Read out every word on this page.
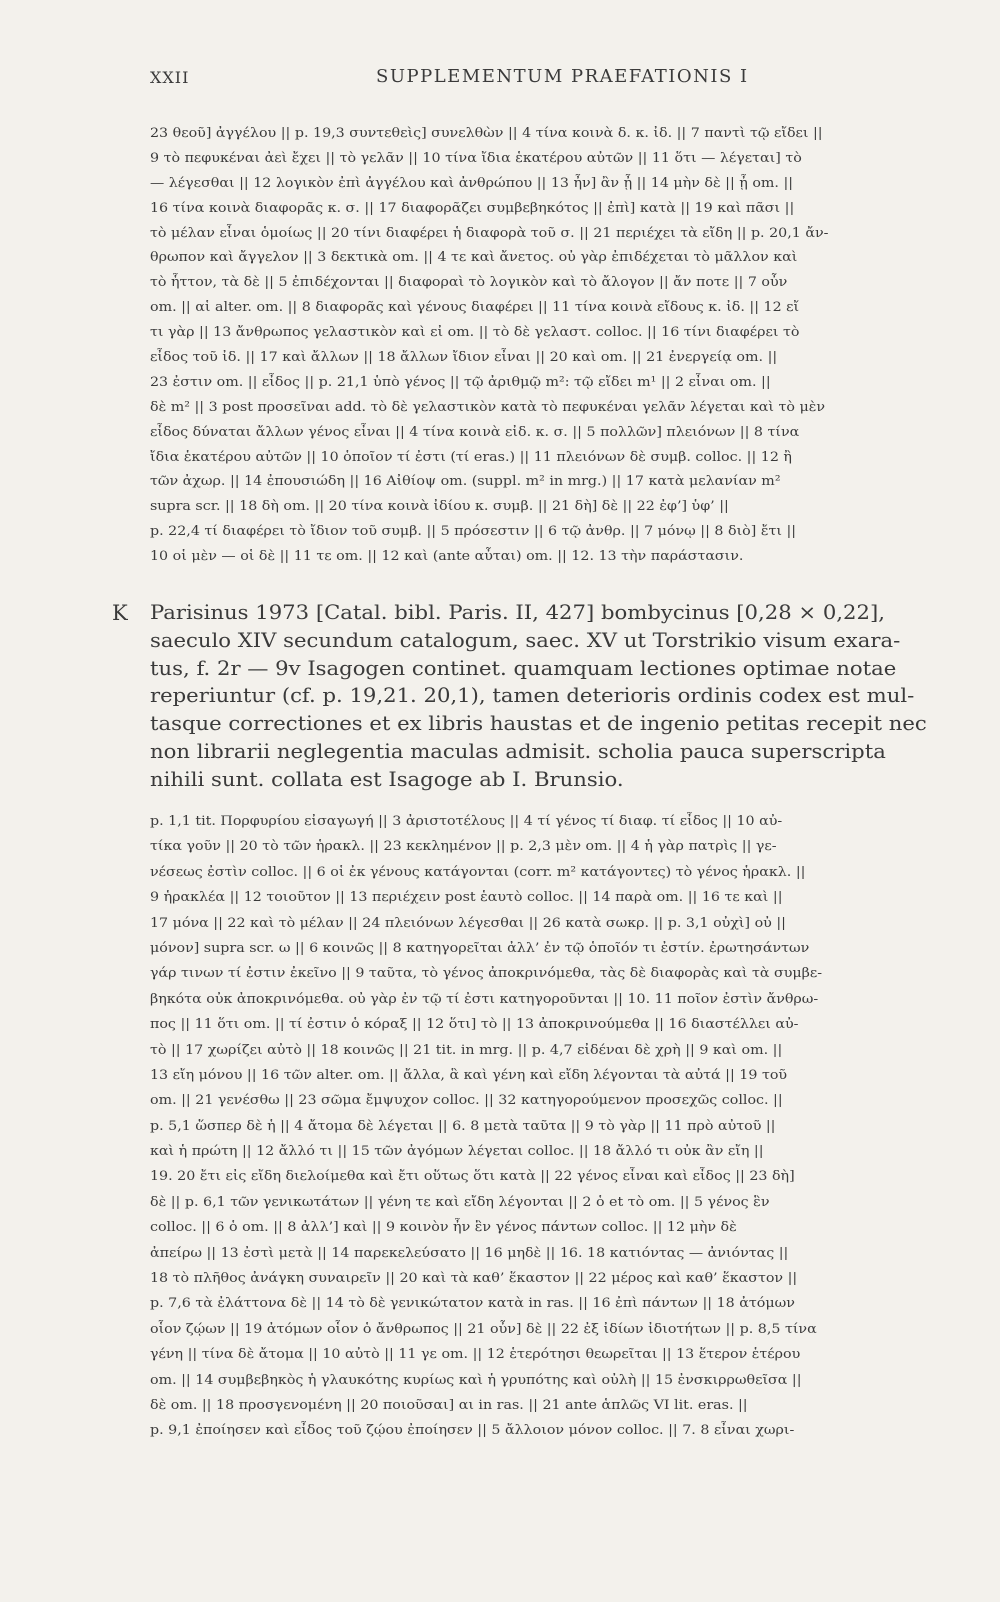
XXII	SUPPLEMENTUM PRAEFATIONIS I
23 θεοῦ] ἀγγέλου || p. 19,3 συντεθεὶς] συνελθὼν || 4 τίνα κοινὰ δ. κ. ἰδ. || 7 παντὶ τῷ εἴδει ||
9 τὸ πεφυκέναι ἀεὶ ἔχει || τὸ γελᾶν || 10 τίνα ἴδια ἑκατέρου αὐτῶν || 11 ὅτι — λέγεται] τὸ
— λέγεσθαι || 12 λογικὸν ἐπὶ ἀγγέλου καὶ ἀνθρώπου || 13 ἦν] ἂν ᾖ || 14 μὴν δὲ || ᾖ om. ||
16 τίνα κοινὰ διαφορᾶς κ. σ. || 17 διαφορᾶζει συμβεβηκότος || ἐπὶ] κατὰ || 19 καὶ πᾶσι ||
τὸ μέλαν εἶναι ὁμοίως || 20 τίνι διαφέρει ἡ διαφορὰ τοῦ σ. || 21 περιέχει τὰ εἴδη || p. 20,1 ἄν-
θρωπον καὶ ἄγγελον || 3 δεκτικὰ om. || 4 τε καὶ ἄνετος. οὐ γὰρ ἐπιδέχεται τὸ μᾶλλον καὶ
τὸ ἧττον, τὰ δὲ || 5 ἐπιδέχονται || διαφοραὶ τὸ λογικὸν καὶ τὸ ἄλογον || ἄν ποτε || 7 οὖν
om. || αἱ alter. om. || 8 διαφορᾶς καὶ γένους διαφέρει || 11 τίνα κοινὰ εἴδους κ. ἰδ. || 12 εἴ
τι γὰρ || 13 ἄνθρωπος γελαστικὸν καὶ εἰ om. || τὸ δὲ γελαστ. colloc. || 16 τίνι διαφέρει τὸ
εἶδος τοῦ ἰδ. || 17 καὶ ἄλλων || 18 ἄλλων ἴδιον εἶναι || 20 καὶ om. || 21 ἐνεργείᾳ om. ||
23 ἐστιν om. || εἶδος || p. 21,1 ὑπὸ γένος || τῷ ἀριθμῷ m²: τῷ εἴδει m¹ || 2 εἶναι om. ||
δὲ m² || 3 post προσεῖναι add. τὸ δὲ γελαστικὸν κατὰ τὸ πεφυκέναι γελᾶν λέγεται καὶ τὸ μὲν
εἶδος δύναται ἄλλων γένος εἶναι || 4 τίνα κοινὰ εἰδ. κ. σ. || 5 πολλῶν] πλειόνων || 8 τίνα
ἴδια ἑκατέρου αὐτῶν || 10 ὁποῖον τί ἐστι (τί eras.) || 11 πλειόνων δὲ συμβ. colloc. || 12 ἢ
τῶν ἀχωρ. || 14 ἐπουσιώδη || 16 Αἰθίοψ om. (suppl. m² in mrg.) || 17 κατὰ μελανίαν m²
supra scr. || 18 δὴ om. || 20 τίνα κοινὰ ἰδίου κ. συμβ. || 21 δὴ] δὲ || 22 ἐφ’] ὑφ’ ||
p. 22,4 τί διαφέρει τὸ ἴδιον τοῦ συμβ. || 5 πρόσεστιν || 6 τῷ ἀνθρ. || 7 μόνῳ || 8 διὸ] ἔτι ||
10 οἱ μὲν — οἱ δὲ || 11 τε om. || 12 καὶ (ante αὖται) om. || 12. 13 τὴν παράστασιν.
K Parisinus 1973 [Catal. bibl. Paris. II, 427] bombycinus [0,28 × 0,22],
saeculo XIV secundum catalogum, saec. XV ut Torstrikio visum exara-
tus, f. 2r — 9v Isagogen continet. quamquam lectiones optimae notae
reperiuntur (cf. p. 19,21. 20,1), tamen deterioris ordinis codex est mul-
tasque correctiones et ex libris haustas et de ingenio petitas recepit nec
non librarii neglegentia maculas admisit. scholia pauca superscripta
nihili sunt. collata est Isagoge ab I. Brunsio.
p. 1,1 tit. Πορφυρίου εἰσαγωγή || 3 ἀριστοτέλους || 4 τί γένος τί διαφ. τί εἶδος || 10 αὐ-
τίκα γοῦν || 20 τὸ τῶν ἡρακλ. || 23 κεκλημένον || p. 2,3 μὲν om. || 4 ἡ γὰρ πατρὶς || γε-
νέσεως ἐστὶν colloc. || 6 οἱ ἐκ γένους κατάγονται (corr. m² κατάγοντες) τὸ γένος ἡρακλ. ||
9 ἡρακλέα || 12 τοιοῦτον || 13 περιέχειν post ἑαυτὸ colloc. || 14 παρὰ om. || 16 τε καὶ ||
17 μόνα || 22 καὶ τὸ μέλαν || 24 πλειόνων λέγεσθαι || 26 κατὰ σωκρ. || p. 3,1 οὐχὶ] οὐ ||
μόνον] supra scr. ω || 6 κοινῶς || 8 κατηγορεῖται ἀλλ’ ἐν τῷ ὁποῖόν τι ἐστίν. ἐρωτησάντων
γάρ τινων τί ἐστιν ἐκεῖνο || 9 ταῦτα, τὸ γένος ἀποκρινόμεθα, τὰς δὲ διαφορὰς καὶ τὰ συμβε-
βηκότα οὐκ ἀποκρινόμεθα. οὐ γὰρ ἐν τῷ τί ἐστι κατηγοροῦνται || 10. 11 ποῖον ἐστὶν ἄνθρω-
πος || 11 ὅτι om. || τί ἐστιν ὁ κόραξ || 12 ὅτι] τὸ || 13 ἀποκρινούμεθα || 16 διαστέλλει αὐ-
τὸ || 17 χωρίζει αὐτὸ || 18 κοινῶς || 21 tit. in mrg. || p. 4,7 εἰδέναι δὲ χρὴ || 9 καὶ om. ||
13 εἴη μόνου || 16 τῶν alter. om. || ἄλλα, ἃ καὶ γένη καὶ εἴδη λέγονται τὰ αὐτά || 19 τοῦ
om. || 21 γενέσθω || 23 σῶμα ἔμψυχον colloc. || 32 κατηγορούμενον προσεχῶς colloc. ||
p. 5,1 ὥσπερ δὲ ἡ || 4 ἄτομα δὲ λέγεται || 6. 8 μετὰ ταῦτα || 9 τὸ γὰρ || 11 πρὸ αὐτοῦ ||
καὶ ἡ πρώτη || 12 ἄλλό τι || 15 τῶν ἀγόμων λέγεται colloc. || 18 ἄλλό τι οὐκ ἂν εἴη ||
19. 20 ἔτι εἰς εἴδη διελοίμεθα καὶ ἔτι οὕτως ὅτι κατὰ || 22 γένος εἶναι καὶ εἶδος || 23 δὴ]
δὲ || p. 6,1 τῶν γενικωτάτων || γένη τε καὶ εἴδη λέγονται || 2 ὁ et τὸ om. || 5 γένος ἓν
colloc. || 6 ὁ om. || 8 ἀλλ’] καὶ || 9 κοινὸν ἦν ἓν γένος πάντων colloc. || 12 μὴν δὲ
ἀπείρω || 13 ἐστὶ μετὰ || 14 παρεκελεύσατο || 16 μηδὲ || 16. 18 κατιόντας — ἀνιόντας ||
18 τὸ πλῆθος ἀνάγκη συναιρεῖν || 20 καὶ τὰ καθ’ ἕκαστον || 22 μέρος καὶ καθ’ ἕκαστον ||
p. 7,6 τὰ ἐλάττονα δὲ || 14 τὸ δὲ γενικώτατον κατὰ in ras. || 16 ἐπὶ πάντων || 18 ἀτόμων
οἷον ζῴων || 19 ἀτόμων οἷον ὁ ἄνθρωπος || 21 οὖν] δὲ || 22 ἐξ ἰδίων ἰδιοτήτων || p. 8,5 τίνα
γένη || τίνα δὲ ἄτομα || 10 αὐτὸ || 11 γε om. || 12 ἑτερότησι θεωρεῖται || 13 ἕτερον ἑτέρου
om. || 14 συμβεβηκὸς ἡ γλαυκότης κυρίως καὶ ἡ γρυπότης καὶ οὐλὴ || 15 ἐνσκιρρωθεῖσα ||
δὲ om. || 18 προσγενομένη || 20 ποιοῦσαι] αι in ras. || 21 ante ἁπλῶς VI lit. eras. ||
p. 9,1 ἐποίησεν καὶ εἶδος τοῦ ζῴου ἐποίησεν || 5 ἄλλοιον μόνον colloc. || 7. 8 εἶναι χωρι-
